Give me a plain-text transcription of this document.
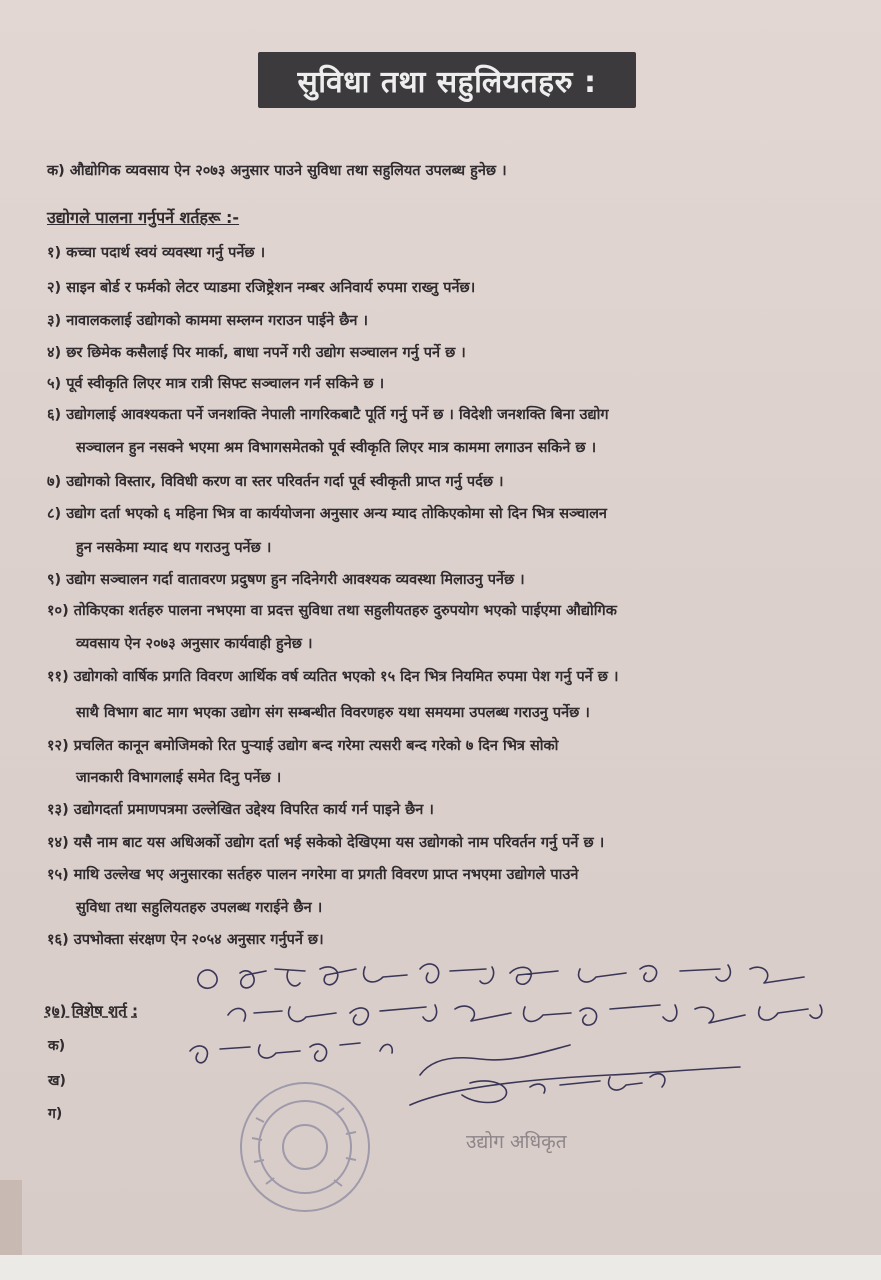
सुविधा तथा सहुलियतहरु :
क) औद्योगिक व्यवसाय ऐन २०७३ अनुसार पाउने सुविधा तथा सहुलियत उपलब्ध हुनेछ ।
उद्योगले पालना गर्नुपर्ने शर्तहरू :-
१) कच्चा पदार्थ स्वयं व्यवस्था गर्नु पर्नेछ ।
२) साइन बोर्ड र फर्मको लेटर प्याडमा रजिष्ट्रेशन नम्बर अनिवार्य रुपमा राख्नु पर्नेछ।
३) नावालकलाई उद्योगको काममा सम्लग्न गराउन पाईने छैन ।
४) छर छिमेक कसैलाई पिर मार्का, बाधा नपर्ने गरी उद्योग सञ्चालन गर्नु पर्ने छ ।
५) पूर्व स्वीकृति लिएर मात्र रात्री सिफ्ट सञ्चालन गर्न सकिने छ ।
६) उद्योगलाई आवश्यकता पर्ने जनशक्ति नेपाली नागरिकबाटै पूर्ति गर्नु पर्ने छ । विदेशी जनशक्ति बिना उद्योग
सञ्चालन हुन नसक्ने भएमा श्रम विभागसमेतको पूर्व स्वीकृति लिएर मात्र काममा लगाउन सकिने छ ।
७) उद्योगको विस्तार, विविधी करण वा स्तर परिवर्तन गर्दा पूर्व स्वीकृती प्राप्त गर्नु पर्दछ ।
८) उद्योग दर्ता भएको ६ महिना भित्र वा कार्ययोजना अनुसार अन्य म्याद तोकिएकोमा सो दिन भित्र सञ्चालन
हुन नसकेमा म्याद थप गराउनु पर्नेछ ।
९) उद्योग सञ्चालन गर्दा वातावरण प्रदुषण हुन नदिनेगरी आवश्यक व्यवस्था मिलाउनु पर्नेछ ।
१०) तोकिएका शर्तहरु पालना नभएमा वा प्रदत्त सुविधा तथा सहुलीयतहरु दुरुपयोग भएको पाईएमा औद्योगिक
व्यवसाय ऐन २०७३ अनुसार कार्यवाही हुनेछ ।
११) उद्योगको वार्षिक प्रगति विवरण आर्थिक वर्ष व्यतित भएको १५ दिन भित्र नियमित रुपमा पेश गर्नु पर्ने छ ।
साथै विभाग बाट माग भएका उद्योग संग सम्बन्धीत विवरणहरु यथा समयमा उपलब्ध गराउनु पर्नेछ ।
१२) प्रचलित कानून बमोजिमको रित पुऱ्याई उद्योग बन्द गरेमा त्यसरी बन्द गरेको ७ दिन भित्र सोको
जानकारी विभागलाई समेत दिनु पर्नेछ ।
१३) उद्योगदर्ता प्रमाणपत्रमा उल्लेखित उद्देश्य विपरित कार्य गर्न पाइने छैन ।
१४) यसै नाम बाट यस अधिअर्को उद्योग दर्ता भई सकेको देखिएमा यस उद्योगको नाम परिवर्तन गर्नु पर्ने छ ।
१५) माथि उल्लेख भए अनुसारका सर्तहरु पालन नगरेमा वा प्रगती विवरण प्राप्त नभएमा उद्योगले पाउने
सुविधा तथा सहुलियतहरु उपलब्ध गराईने छैन ।
१६) उपभोक्ता संरक्षण ऐन २०५४ अनुसार गर्नुपर्ने छ।
१७) विशेष शर्त :
क)
ख)
ग)
उद्योग अधिकृत
